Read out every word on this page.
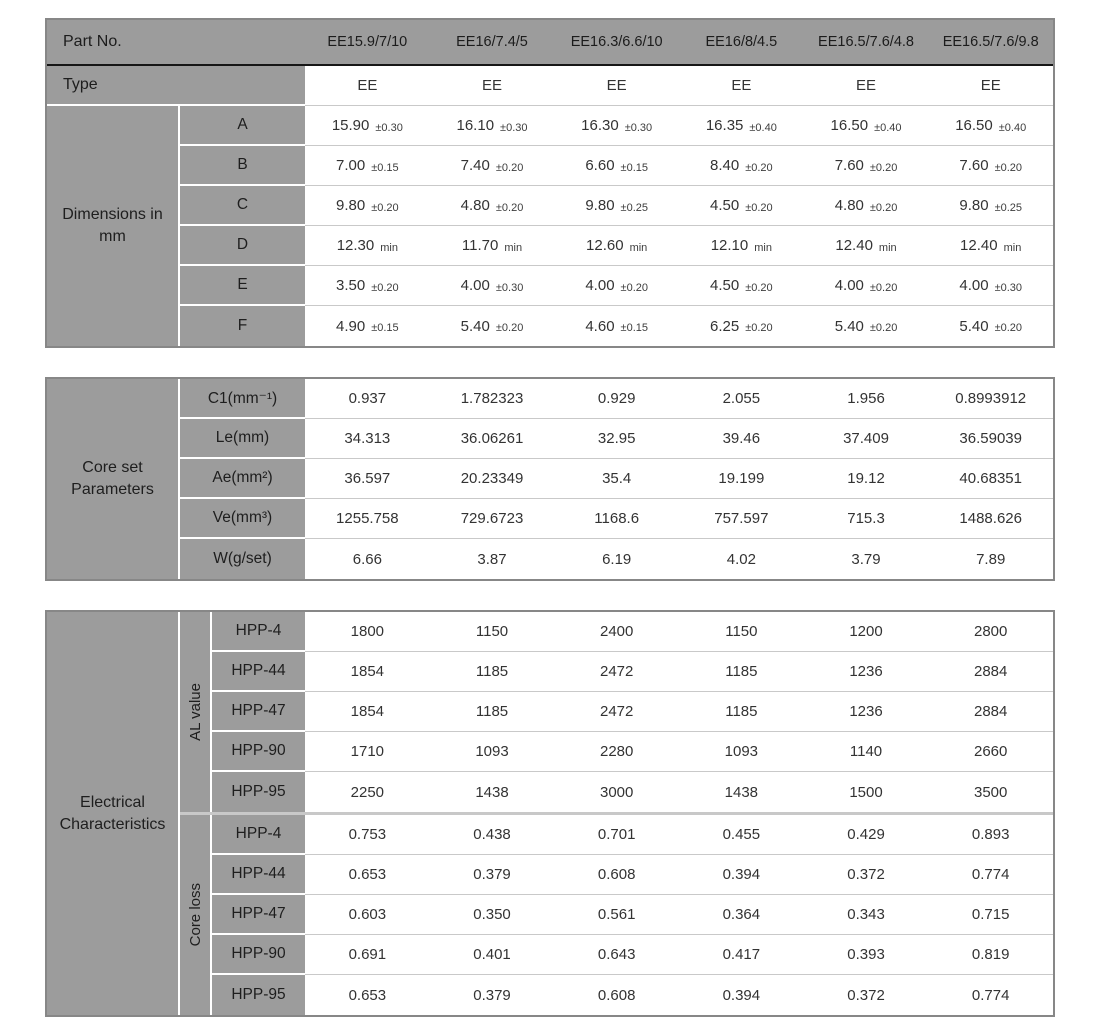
Part No.	EE15.9/7/10	EE16/7.4/5	EE16.3/6.6/10	EE16/8/4.5	EE16.5/7.6/4.8	EE16.5/7.6/9.8
Type	EE	EE	EE	EE	EE	EE
Dimensions in mm
A	15.90 ±0.30	16.10 ±0.30	16.30 ±0.30	16.35 ±0.40	16.50 ±0.40	16.50 ±0.40
B	7.00 ±0.15	7.40 ±0.20	6.60 ±0.15	8.40 ±0.20	7.60 ±0.20	7.60 ±0.20
C	9.80 ±0.20	4.80 ±0.20	9.80 ±0.25	4.50 ±0.20	4.80 ±0.20	9.80 ±0.25
D	12.30 min	11.70 min	12.60 min	12.10 min	12.40 min	12.40 min
E	3.50 ±0.20	4.00 ±0.30	4.00 ±0.20	4.50 ±0.20	4.00 ±0.20	4.00 ±0.30
F	4.90 ±0.15	5.40 ±0.20	4.60 ±0.15	6.25 ±0.20	5.40 ±0.20	5.40 ±0.20
Core set Parameters
C1(mm⁻¹)	0.937	1.782323	0.929	2.055	1.956	0.8993912
Le(mm)	34.313	36.06261	32.95	39.46	37.409	36.59039
Ae(mm²)	36.597	20.23349	35.4	19.199	19.12	40.68351
Ve(mm³)	1255.758	729.6723	1168.6	757.597	715.3	1488.626
W(g/set)	6.66	3.87	6.19	4.02	3.79	7.89
Electrical Characteristics
AL value
HPP-4	1800	1150	2400	1150	1200	2800
HPP-44	1854	1185	2472	1185	1236	2884
HPP-47	1854	1185	2472	1185	1236	2884
HPP-90	1710	1093	2280	1093	1140	2660
HPP-95	2250	1438	3000	1438	1500	3500
Core loss
HPP-4	0.753	0.438	0.701	0.455	0.429	0.893
HPP-44	0.653	0.379	0.608	0.394	0.372	0.774
HPP-47	0.603	0.350	0.561	0.364	0.343	0.715
HPP-90	0.691	0.401	0.643	0.417	0.393	0.819
HPP-95	0.653	0.379	0.608	0.394	0.372	0.774
